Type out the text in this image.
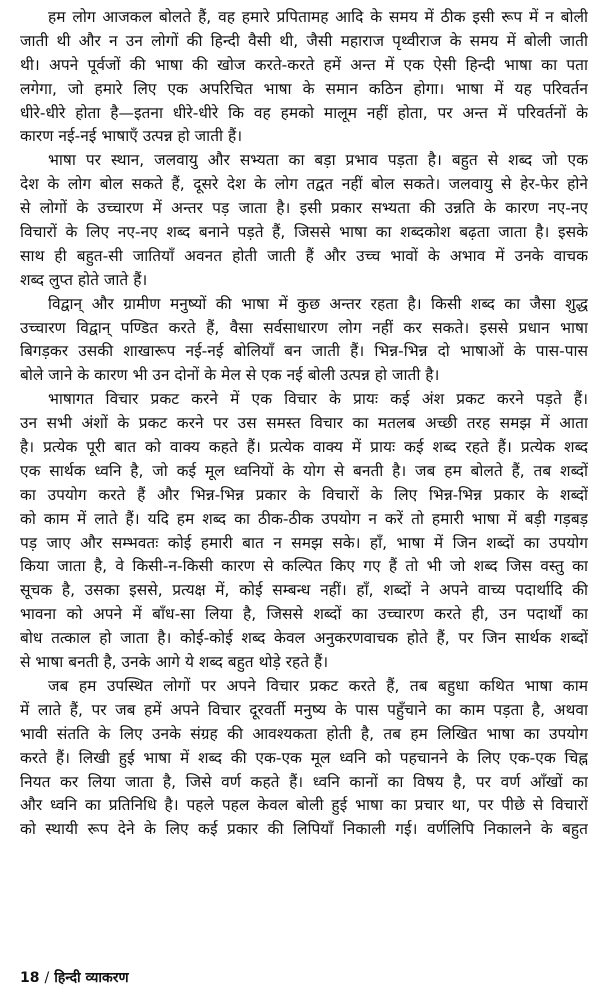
हम लोग आजकल बोलते हैं, वह हमारे प्रपितामह आदि के समय में ठीक इसी रूप में न बोली
जाती थी और न उन लोगों की हिन्दी वैसी थी, जैसी महाराज पृथ्वीराज के समय में बोली जाती
थी। अपने पूर्वजों की भाषा की खोज करते-करते हमें अन्त में एक ऐसी हिन्दी भाषा का पता
लगेगा, जो हमारे लिए एक अपरिचित भाषा के समान कठिन होगा। भाषा में यह परिवर्तन
धीरे-धीरे होता है—इतना धीरे-धीरे कि वह हमको मालूम नहीं होता, पर अन्त में परिवर्तनों के
कारण नई-नई भाषाएँ उत्पन्न हो जाती हैं।
भाषा पर स्थान, जलवायु और सभ्यता का बड़ा प्रभाव पड़ता है। बहुत से शब्द जो एक
देश के लोग बोल सकते हैं, दूसरे देश के लोग तद्वत नहीं बोल सकते। जलवायु से हेर-फेर होने
से लोगों के उच्चारण में अन्तर पड़ जाता है। इसी प्रकार सभ्यता की उन्नति के कारण नए-नए
विचारों के लिए नए-नए शब्द बनाने पड़ते हैं, जिससे भाषा का शब्दकोश बढ़ता जाता है। इसके
साथ ही बहुत-सी जातियाँ अवनत होती जाती हैं और उच्च भावों के अभाव में उनके वाचक
शब्द लुप्त होते जाते हैं।
विद्वान् और ग्रामीण मनुष्यों की भाषा में कुछ अन्तर रहता है। किसी शब्द का जैसा शुद्ध
उच्चारण विद्वान् पण्डित करते हैं, वैसा सर्वसाधारण लोग नहीं कर सकते। इससे प्रधान भाषा
बिगड़कर उसकी शाखारूप नई-नई बोलियाँ बन जाती हैं। भिन्न-भिन्न दो भाषाओं के पास-पास
बोले जाने के कारण भी उन दोनों के मेल से एक नई बोली उत्पन्न हो जाती है।
भाषागत विचार प्रकट करने में एक विचार के प्रायः कई अंश प्रकट करने पड़ते हैं।
उन सभी अंशों के प्रकट करने पर उस समस्त विचार का मतलब अच्छी तरह समझ में आता
है। प्रत्येक पूरी बात को वाक्य कहते हैं। प्रत्येक वाक्य में प्रायः कई शब्द रहते हैं। प्रत्येक शब्द
एक सार्थक ध्वनि है, जो कई मूल ध्वनियों के योग से बनती है। जब हम बोलते हैं, तब शब्दों
का उपयोग करते हैं और भिन्न-भिन्न प्रकार के विचारों के लिए भिन्न-भिन्न प्रकार के शब्दों
को काम में लाते हैं। यदि हम शब्द का ठीक-ठीक उपयोग न करें तो हमारी भाषा में बड़ी गड़बड़
पड़ जाए और सम्भवतः कोई हमारी बात न समझ सके। हाँ, भाषा में जिन शब्दों का उपयोग
किया जाता है, वे किसी-न-किसी कारण से कल्पित किए गए हैं तो भी जो शब्द जिस वस्तु का
सूचक है, उसका इससे, प्रत्यक्ष में, कोई सम्बन्ध नहीं। हाँ, शब्दों ने अपने वाच्य पदार्थादि की
भावना को अपने में बाँध-सा लिया है, जिससे शब्दों का उच्चारण करते ही, उन पदार्थों का
बोध तत्काल हो जाता है। कोई-कोई शब्द केवल अनुकरणवाचक होते हैं, पर जिन सार्थक शब्दों
से भाषा बनती है, उनके आगे ये शब्द बहुत थोड़े रहते हैं।
जब हम उपस्थित लोगों पर अपने विचार प्रकट करते हैं, तब बहुधा कथित भाषा काम
में लाते हैं, पर जब हमें अपने विचार दूरवर्ती मनुष्य के पास पहुँचाने का काम पड़ता है, अथवा
भावी संतति के लिए उनके संग्रह की आवश्यकता होती है, तब हम लिखित भाषा का उपयोग
करते हैं। लिखी हुई भाषा में शब्द की एक-एक मूल ध्वनि को पहचानने के लिए एक-एक चिह्न
नियत कर लिया जाता है, जिसे वर्ण कहते हैं। ध्वनि कानों का विषय है, पर वर्ण आँखों का
और ध्वनि का प्रतिनिधि है। पहले पहल केवल बोली हुई भाषा का प्रचार था, पर पीछे से विचारों
को स्थायी रूप देने के लिए कई प्रकार की लिपियाँ निकाली गई। वर्णलिपि निकालने के बहुत
18 / हिन्दी व्याकरण
